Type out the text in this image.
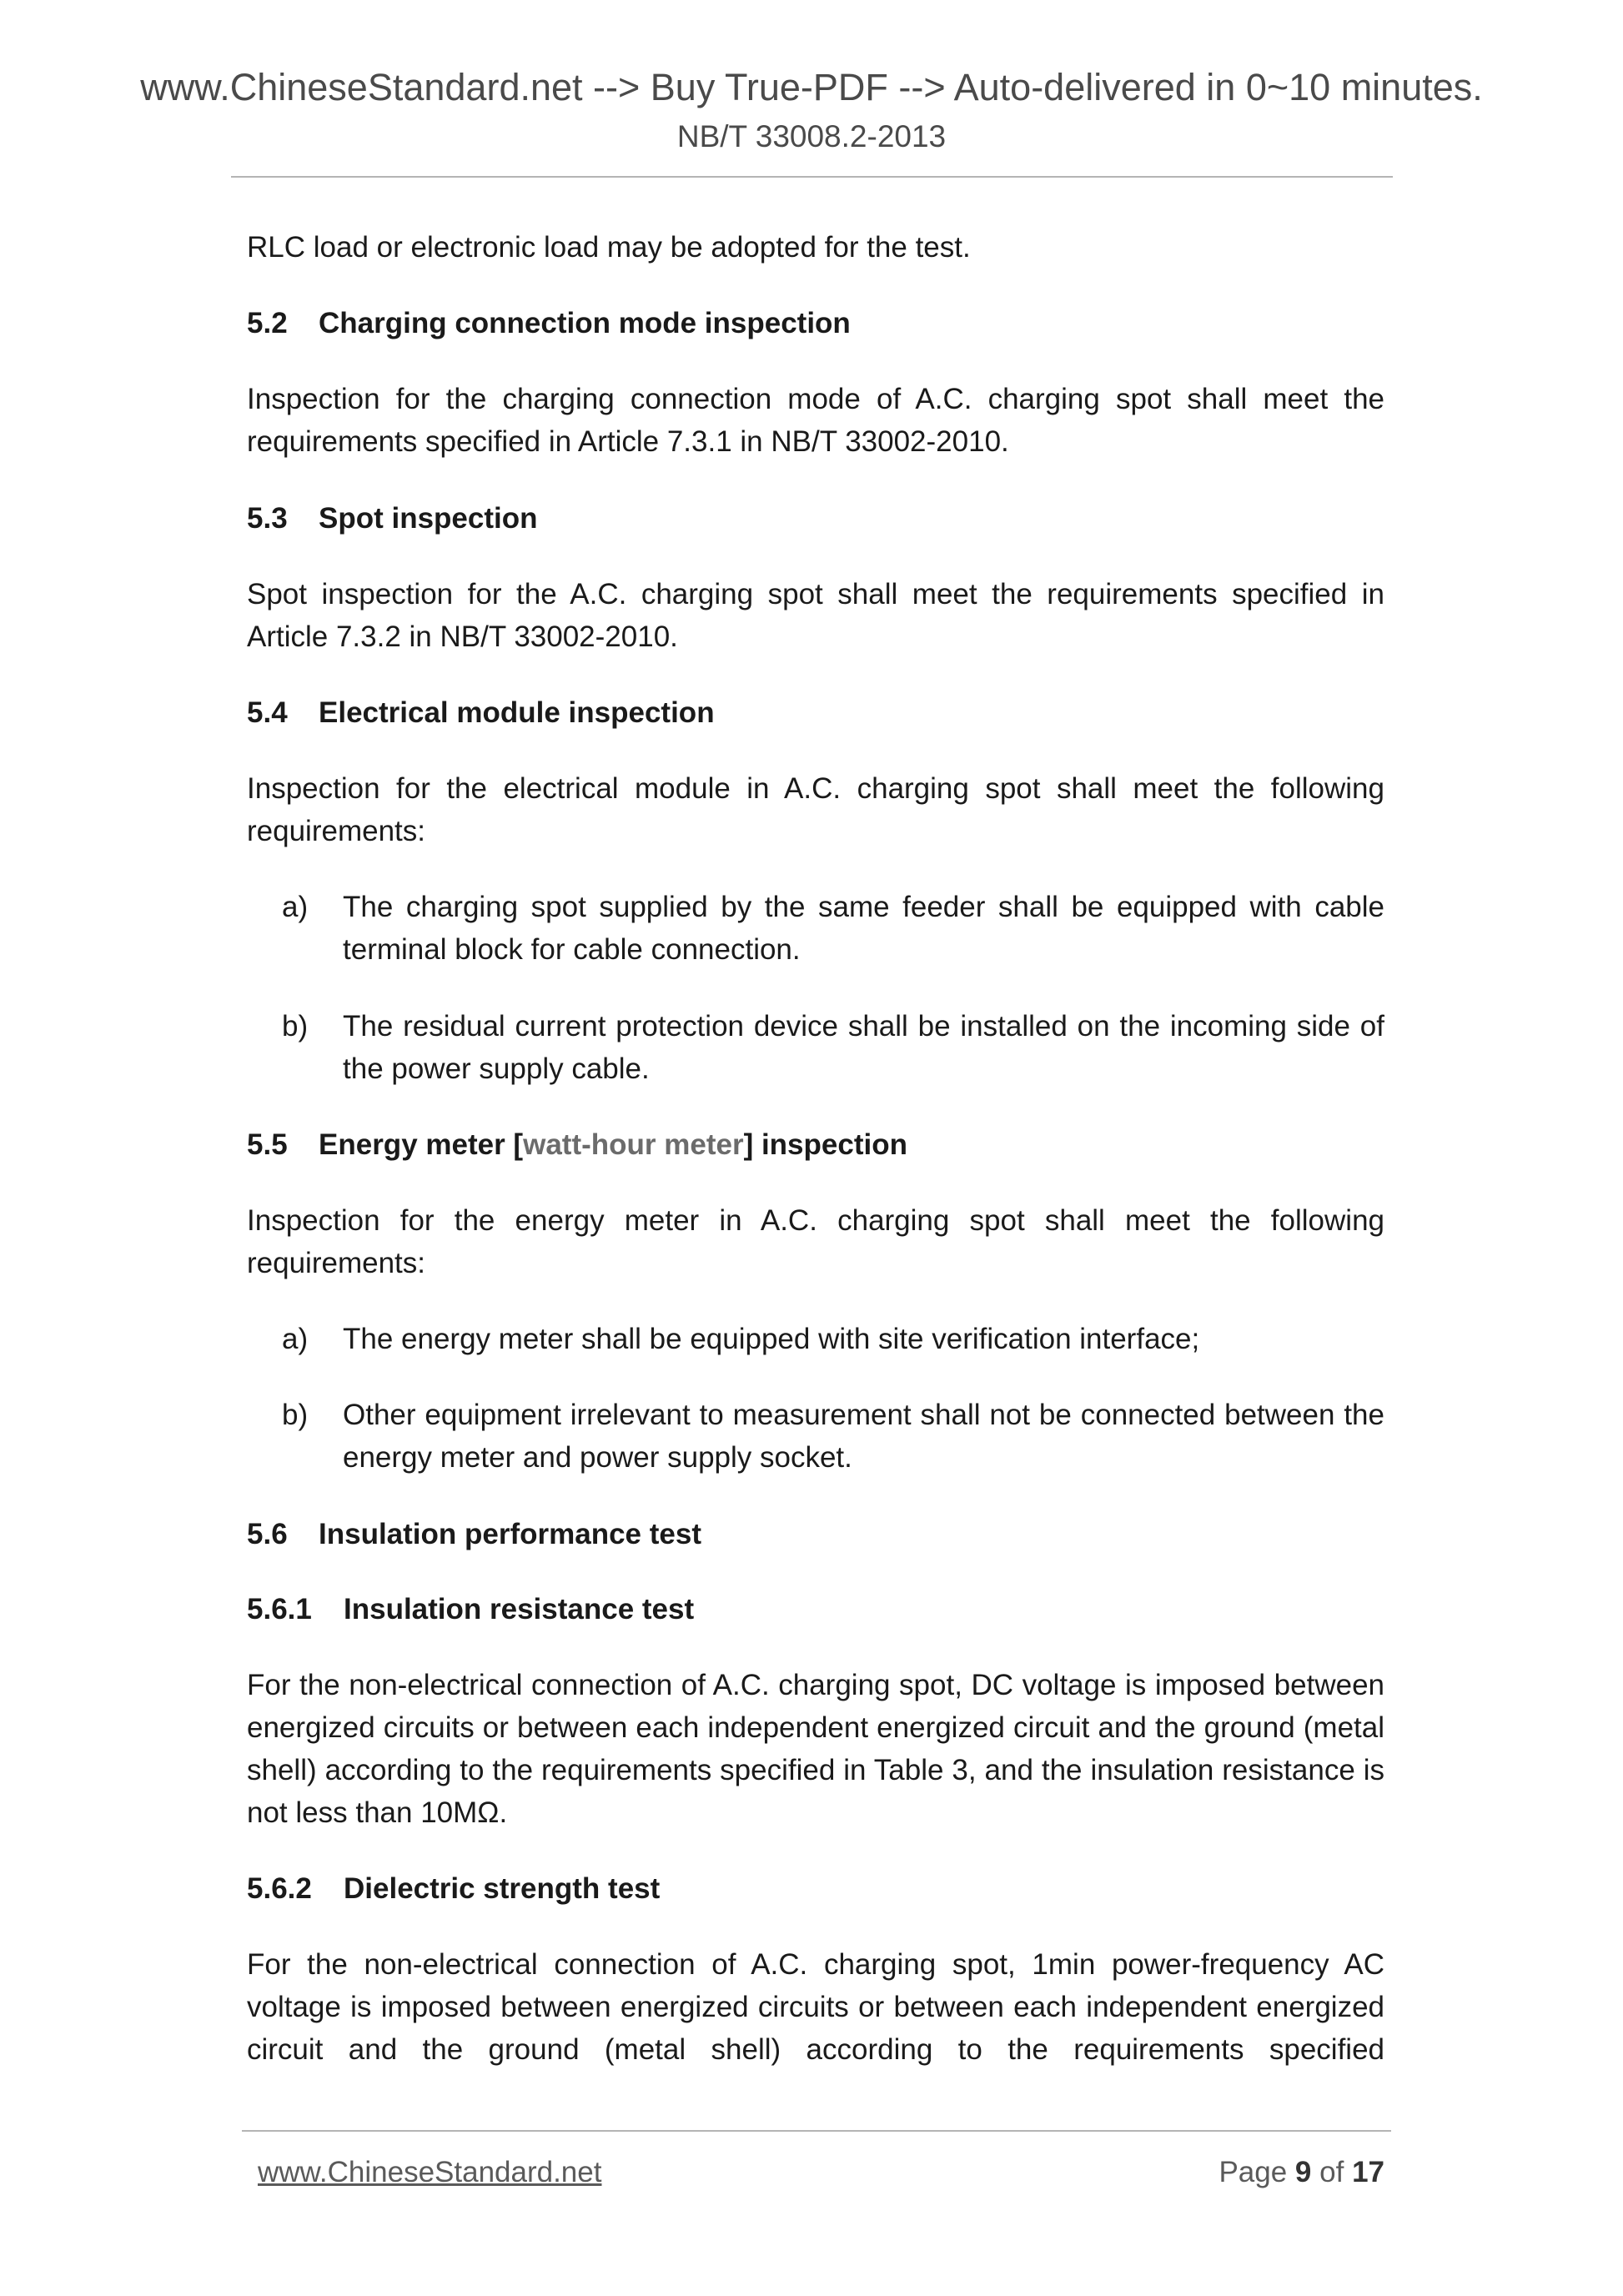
www.ChineseStandard.net --> Buy True-PDF --> Auto-delivered in 0~10 minutes.
NB/T 33008.2-2013
RLC load or electronic load may be adopted for the test.
5.2 Charging connection mode inspection
Inspection for the charging connection mode of A.C. charging spot shall meet the requirements specified in Article 7.3.1 in NB/T 33002-2010.
5.3 Spot inspection
Spot inspection for the A.C. charging spot shall meet the requirements specified in Article 7.3.2 in NB/T 33002-2010.
5.4 Electrical module inspection
Inspection for the electrical module in A.C. charging spot shall meet the following requirements:
a)	The charging spot supplied by the same feeder shall be equipped with cable terminal block for cable connection.
b)	The residual current protection device shall be installed on the incoming side of the power supply cable.
5.5 Energy meter [watt-hour meter] inspection
Inspection for the energy meter in A.C. charging spot shall meet the following requirements:
a)	The energy meter shall be equipped with site verification interface;
b)	Other equipment irrelevant to measurement shall not be connected between the energy meter and power supply socket.
5.6 Insulation performance test
5.6.1 Insulation resistance test
For the non-electrical connection of A.C. charging spot, DC voltage is imposed between energized circuits or between each independent energized circuit and the ground (metal shell) according to the requirements specified in Table 3, and the insulation resistance is not less than 10MΩ.
5.6.2 Dielectric strength test
For the non-electrical connection of A.C. charging spot, 1min power-frequency AC voltage is imposed between energized circuits or between each independent energized circuit and the ground (metal shell) according to the requirements specified
www.ChineseStandard.net	Page 9 of 17
